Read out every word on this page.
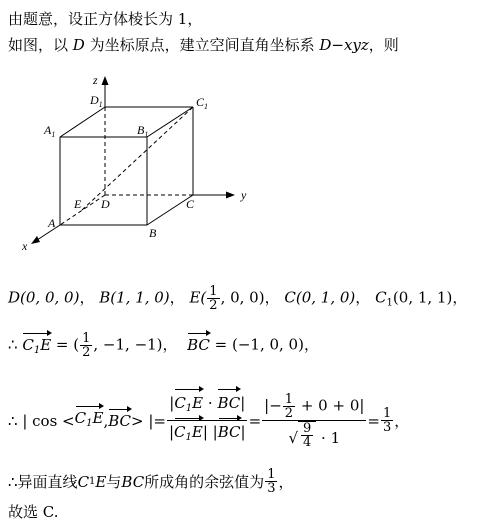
由题意，设正方体棱长为 1，
如图，以 D 为坐标原点，建立空间直角坐标系 D−xyz，则
z
y
x
$D_1$	$C_1$
$A_1$	$B_1$
A
B
C
D
E
D(0, 0, 0)， B(1, 1, 0)， $E( \frac{1}{2}$ , 0, 0)， C(0, 1, 0)， $C_1(0$, 1, 1)，
∴ $C_1E$ = ( $\frac{1}{2}$ , −1, −1)， BC = (−1, 0, 0)，
∴
| $\cos < C_1E$ , BC > |= $\frac{|C_1E \cdot BC|}{|C_1E| |BC|} = \frac{|- \frac{1}{2} + 0 + 0|}{√ \frac{9}{4} \cdot 1} = \frac{1}{3}$ ，
∴ 异面直线 C 1 E 与 BC 所成角的余弦值为 $\frac{1}{3}$ ，
故选 C.
